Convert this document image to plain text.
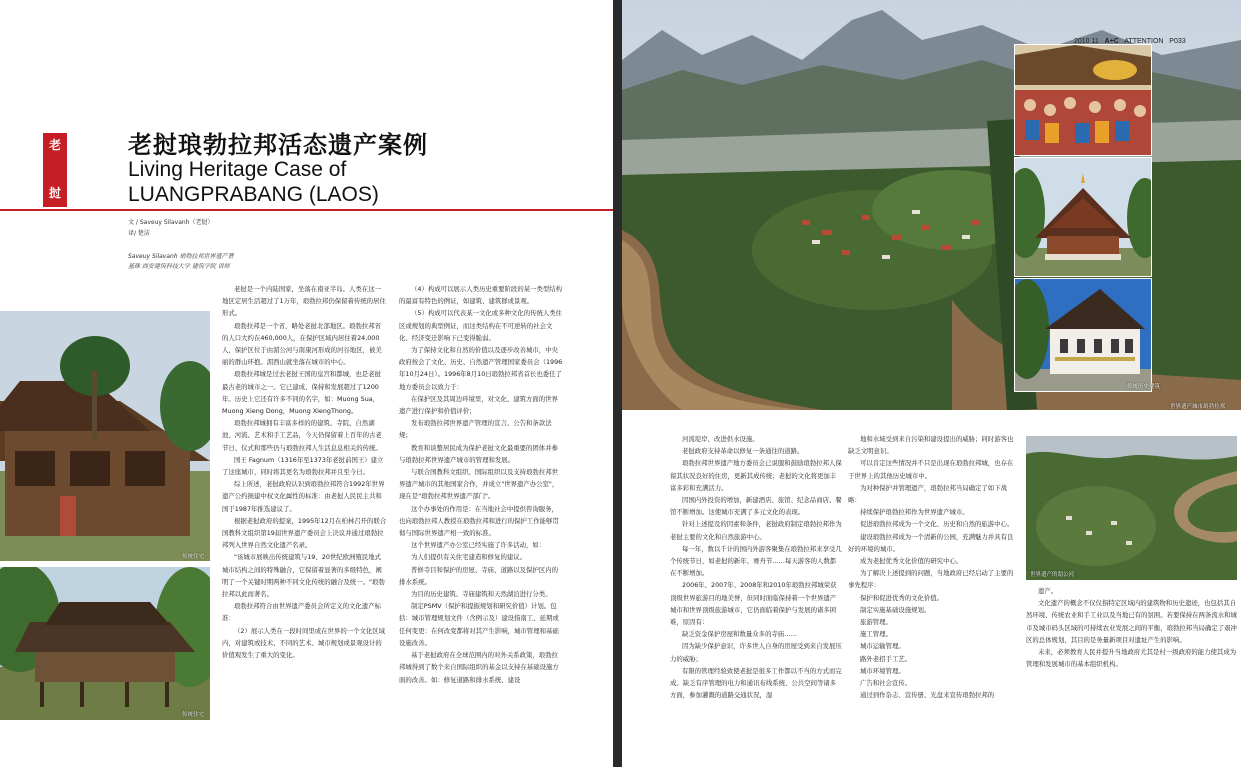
老
挝
老挝琅勃拉邦活态遗产案例
Living Heritage Case of
LUANGPRABANG (LAOS)
文 / Saveuy Silavanh（老挝）
译/ 楚洁
Saveuy Silavanh 琅勃拉邦世界遗产署
基珠 西安建筑科技大学 建筑学院 讲师
传统住宅
传统住宅

老挝是一个内陆国家，坐落在南亚半岛。人类在这一地区定居生活超过了1万年，琅勃拉邦仍保留着传统的居住形式。

琅勃拉邦是一个省，略处老挝北部地区。琅勃拉邦省的人口大约在460,000人，在保护区域内居住着24,000人，保护区位于由湄公河与南康河形成的河谷地区，被美丽的群山环抱。湄西山就坐落在城市的中心。

琅勃拉邦城是过去老挝王国的皇宫和都城，也是老挝最古老的城市之一。它已建成、保持和发展超过了1200年。历史上它还有许多不同的名字，如：Muong Sua，Muong Xieng Dong，Muong XiengThong。

琅勃拉邦城拥有丰富多样的的建筑、寺院、自然湖池、河流、艺术和手工艺品，今天仍保留着上百年的古老节日、仪式和那些仍与琅勃拉邦人生活息息相关的传统。

国王 Fagnum（1316年至1373年老挝前国王）建立了这座城市，同时将其更名为琅勃拉邦并且至今日。

综上所述，老挝政府认识到琅勃拉邦符合1992年世界遗产公约损建中权文化属性的标准：由老挝人民民主共和国于1987年推选建议了。

根据老挝政府的提案，1995年12月在柏林召开的联合国教科文组织第19届世界遗产委员会上决议并通过琅勃拉邦列入世界自然文化遗产名录。

"该城市展映出传统建筑与19、20世纪欧洲殖民地式城市结构之间的特殊融合，它保留着显著的多级特色，阐明了一个关键时期两种不同文化传统的融合及统一。"琅勃拉邦以此而著名。

琅勃拉邦符合由世界遗产委员会所定义的文化遗产标准：

（2）展示人类在一段时间里或在世界的一个文化区域内，对建筑或技术、不同的艺术、城市规划或景观设计的价值观发生了重大的变化。

（4）构成可以展示人类历史重要阶段的某一类型结构的最富有特色的例证，如建筑、建筑群或景观。

（5）构成可以代表某一文化或多种文化的传统人类住区或规划的典型例证，而这类结构在不可逆转的社会文化、经济变迁影响下已变得脆弱。

为了保持文化和自然的价值以及逐步改善城市，中央政府按会了文化、历史、自然遗产管理国家委员会（1996年10月24日）。1996年8月10日琅勃拉邦省首长也委任了地方委员会以致力于：

在保护区及其周边环境里，对文化、建筑方面的世界遗产进行保护和价值评价；

发布琅勃拉邦世界遗产管理的宣言、公告和条款法规；

教育和谈整居民成为保护老挝文化最重要的团体并参与琅勃拉邦世界遗产城市的管理和发展。

与联合国教科文组织、国际组织以及支持琅勃拉邦世界遗产城市的其他国家合作，并成立"世界遗产办公室"，现在是"琅勃拉邦世界遗产部门"。

这个办事处的作用是：在当地社会中提供咨询服务，也向琅勃拉邦人教授在琅勃拉邦和进行的保护工作能够贯彻与国际世界遗产相一致的标准。

这个世界遗产办公室已经实施了许多活动，如：

为人们提供有关住宅建造和修复的建议。

普修寺目和保护的房屋、寺庙、道路以及保护区内的排水系统。

为目的历史建筑、寺庙建筑和天然湖泊进行分类。

制定PSMV（保护和提振规划和研究价值）计划。包括：城市管理规划文件（含例示及）建设指南工、延期或任何变更：在何改变都将对其产生影响，城市管理和基础设施改善。

基于老挝政府在全球范围内的对外关系政策，琅勃拉邦城得到了数个来自国际组织的基金以支持在基础设施方面的改善。如：修复道路和排水系统、建设

传统历史建筑
2010 11 A+C ATTENTION P033
世界遗产城市琅勃拉邦
世界遗产的湄公河

河流堤岸、改进供水设施。

老挝政府支持革命以修复一条通往的道路。

琅勃拉邦世界遗产地方委员会已说服和鼓励琅勃拉邦人保留其状况良好的住房，更新其成传统；老挝的文化将更加丰富多彩和充满活力。

因国内外投资的增加，新建酒店、旅馆、纪念品商店、餐馆不断增加。这使城市充满了多元文化的表现。

针对上述提及的因素和条件，老挝政府制定琅勃拉邦作为老挝主要的文化和自然旅游中心。

每一年，数以千计的国内外游客聚集在琅勃拉邦来享受几个传统节日，如老挝的新年、赛舟节……每天游客的人数都在不断增加。

2006年、2007年、2008年和2010年琅勃拉邦城荣获顶级世界旅游目的地美誉，但同时面临保持着一个世界遗产城市和世界顶级旅游城市，它仍面临着保护与发展的诸多困难，原因有：

缺乏资金保护房屋和数量众多的寺庙……

因为缺少保护意识，许多世人自身的房屋受到来自发展压力的威胁；

有限的管理经验致使老挝是很多工作都以不当的方式而完成。缺乏有序管理的电力和通讯布线系统、公共空间等诸多方面，参加灌溉的道路交通状况，湿

地和水域受到来自污染和建设提出的威胁；同时游客也缺乏文明意识。

可以肯定这些情况并不只是出现在琅勃拉邦城，也存在于世界上的其他历史城市中。

为对种保护并管理遗产，琅勃拉邦当局确定了如下战略：

持续保护琅勃拉邦作为世界遗产城市。

促进琅勃拉邦成为一个文化、历史和自然的旅游中心。

建设琅勃拉邦成为一个清新的公园，充满魅力并具有良好的环境的城市。

成为老挝优秀文化价值的研究中心。

为了解决上述提到的问题，当地政府已经启动了主要的事先程序：

保护和促进优秀的文化价值。

制定实施基础设施规划。

旅游管理。

施工管理。

城市运输管理。

路外老招手工艺。

城市环境管理。

广告和社会宣传。

通过到作杂志、宣传册、光盘来宣传琅勃拉邦的

遗产。

文化遗产的概念不仅仅指特定区域内的建筑物和历史遗迹，也包括其自然环境、传统农业和手工业以及当地已有的氛围。若要保持在两条流水和城市及城市码头区域的可持续农业发展之间的平衡，琅勃拉邦当局确定了艰冲区的总体规划，其目的是务量新项目对遗址产生的影响。

未来，必须教育人民并提升当地政府尤其是村一级政府的能力使其成为管理和发展城市的基本组织机构。
